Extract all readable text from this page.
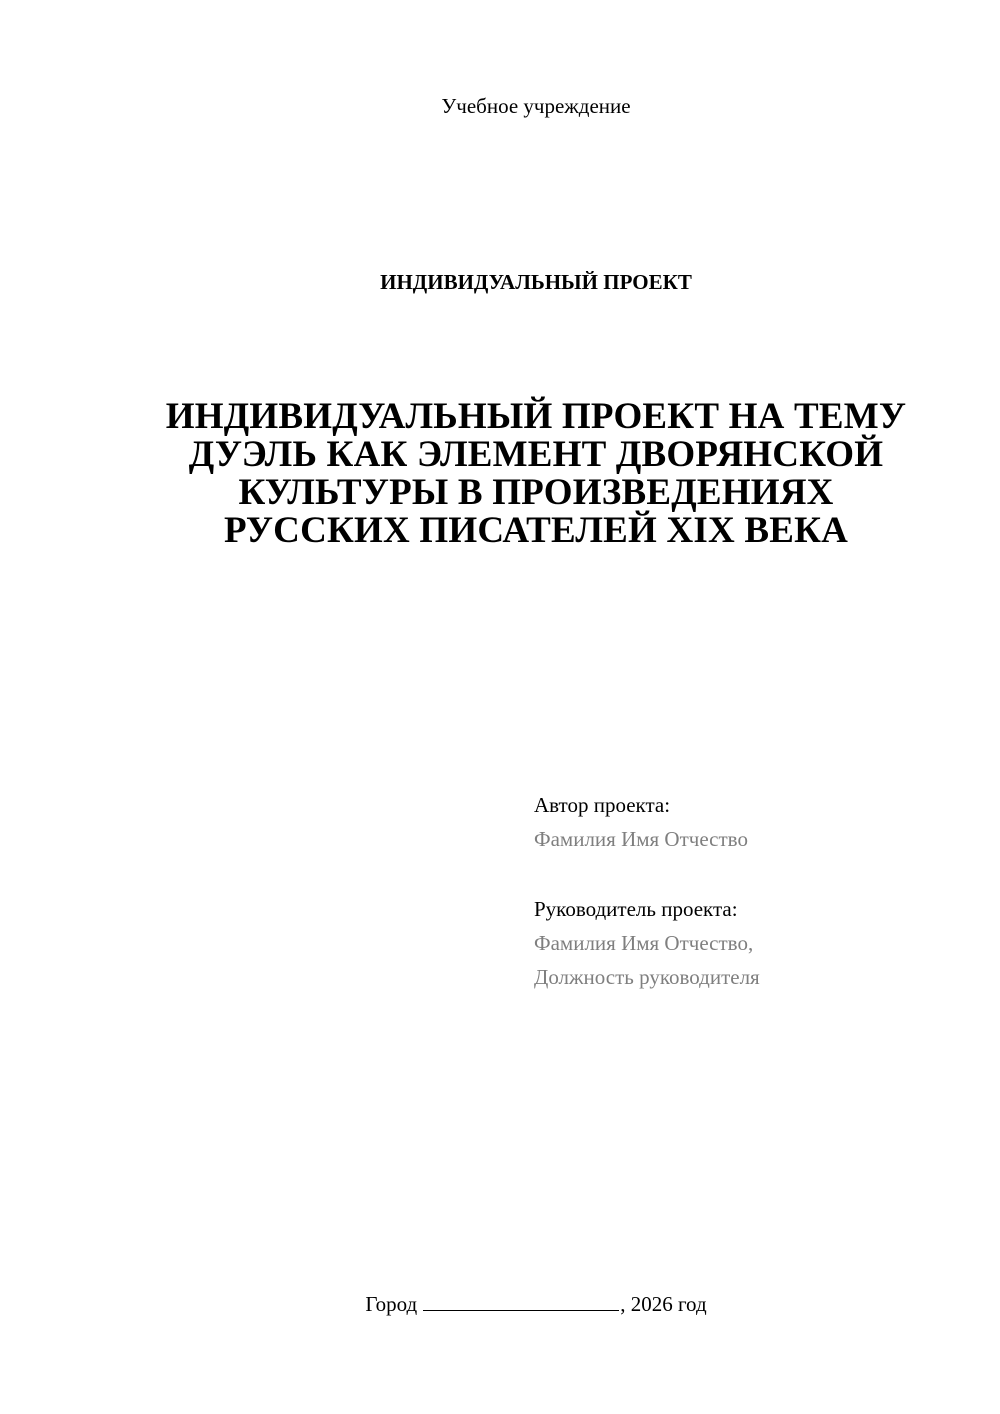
Учебное учреждение
ИНДИВИДУАЛЬНЫЙ ПРОЕКТ
ИНДИВИДУАЛЬНЫЙ ПРОЕКТ НА ТЕМУ
ДУЭЛЬ КАК ЭЛЕМЕНТ ДВОРЯНСКОЙ
КУЛЬТУРЫ В ПРОИЗВЕДЕНИЯХ
РУССКИХ ПИСАТЕЛЕЙ XIX ВЕКА
Автор проекта:
Фамилия Имя Отчество
Руководитель проекта:
Фамилия Имя Отчество,
Должность руководителя
Город	, 2026 год
